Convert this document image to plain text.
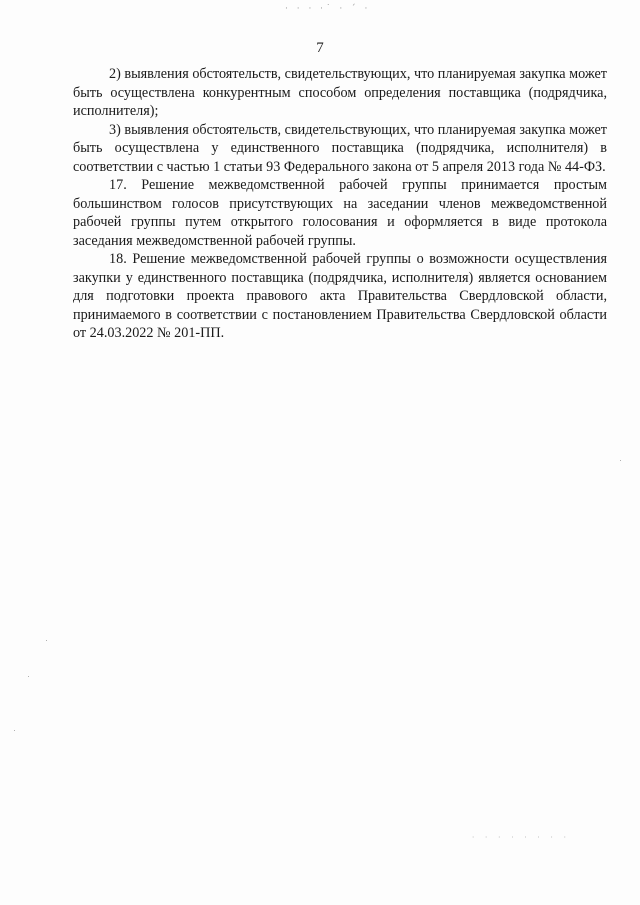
· · · ·˙ · ´ ·
7

2) выявления обстоятельств, свидетельствующих, что планируемая закупка может быть осуществлена конкурентным способом определения поставщика (подрядчика, исполнителя);

3) выявления обстоятельств, свидетельствующих, что планируемая закупка может быть осуществлена у единственного поставщика (подрядчика, исполнителя) в соответствии с частью 1 статьи 93 Федерального закона от 5 апреля 2013 года № 44-ФЗ.

17. Решение межведомственной рабочей группы принимается простым большинством голосов присутствующих на заседании членов межведомственной рабочей группы путем открытого голосования и оформляется в виде протокола заседания межведомственной рабочей группы.

18. Решение межведомственной рабочей группы о возможности осуществления закупки у единственного поставщика (подрядчика, исполнителя) является основанием для подготовки проекта правового акта Правительства Свердловской области, принимаемого в соответствии с постановлением Правительства Свердловской области от 24.03.2022 № 201-ПП.

· · · · · · · ·
